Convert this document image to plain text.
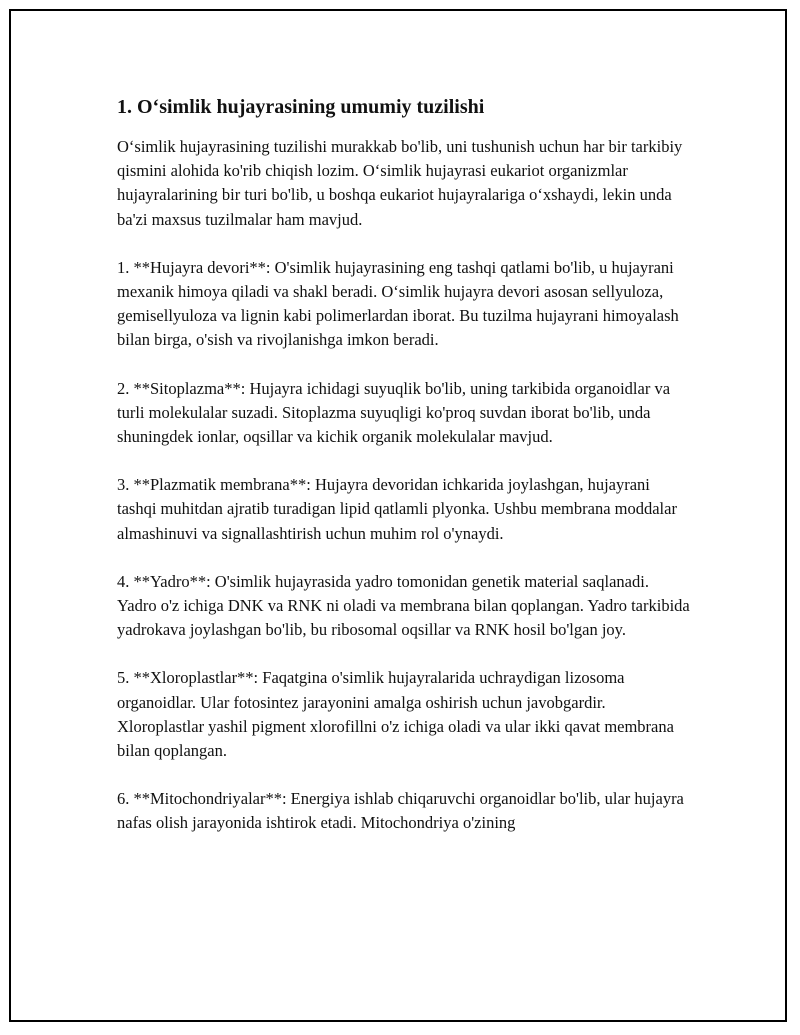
1. O‘simlik hujayrasining umumiy tuzilishi

O‘simlik hujayrasining tuzilishi murakkab bo'lib, uni tushunish uchun har bir tarkibiy qismini alohida ko'rib chiqish lozim. O‘simlik hujayrasi eukariot organizmlar hujayralarining bir turi bo'lib, u boshqa eukariot hujayralariga o‘xshaydi, lekin unda ba'zi maxsus tuzilmalar ham mavjud.

1. **Hujayra devori**: O'simlik hujayrasining eng tashqi qatlami bo'lib, u hujayrani mexanik himoya qiladi va shakl beradi. O‘simlik hujayra devori asosan sellyuloza, gemisellyuloza va lignin kabi polimerlardan iborat. Bu tuzilma hujayrani himoyalash bilan birga, o'sish va rivojlanishga imkon beradi.

2. **Sitoplazma**: Hujayra ichidagi suyuqlik bo'lib, uning tarkibida organoidlar va turli molekulalar suzadi. Sitoplazma suyuqligi ko'proq suvdan iborat bo'lib, unda shuningdek ionlar, oqsillar va kichik organik molekulalar mavjud.

3. **Plazmatik membrana**: Hujayra devoridan ichkarida joylashgan, hujayrani tashqi muhitdan ajratib turadigan lipid qatlamli plyonka. Ushbu membrana moddalar almashinuvi va signallashtirish uchun muhim rol o'ynaydi.

4. **Yadro**: O'simlik hujayrasida yadro tomonidan genetik material saqlanadi. Yadro o'z ichiga DNK va RNK ni oladi va membrana bilan qoplangan. Yadro tarkibida yadrokava joylashgan bo'lib, bu ribosomal oqsillar va RNK hosil bo'lgan joy.

5. **Xloroplastlar**: Faqatgina o'simlik hujayralarida uchraydigan lizosoma organoidlar. Ular fotosintez jarayonini amalga oshirish uchun javobgardir. Xloroplastlar yashil pigment xlorofillni o'z ichiga oladi va ular ikki qavat membrana bilan qoplangan.

6. **Mitochondriyalar**: Energiya ishlab chiqaruvchi organoidlar bo'lib, ular hujayra nafas olish jarayonida ishtirok etadi. Mitochondriya o'zining
